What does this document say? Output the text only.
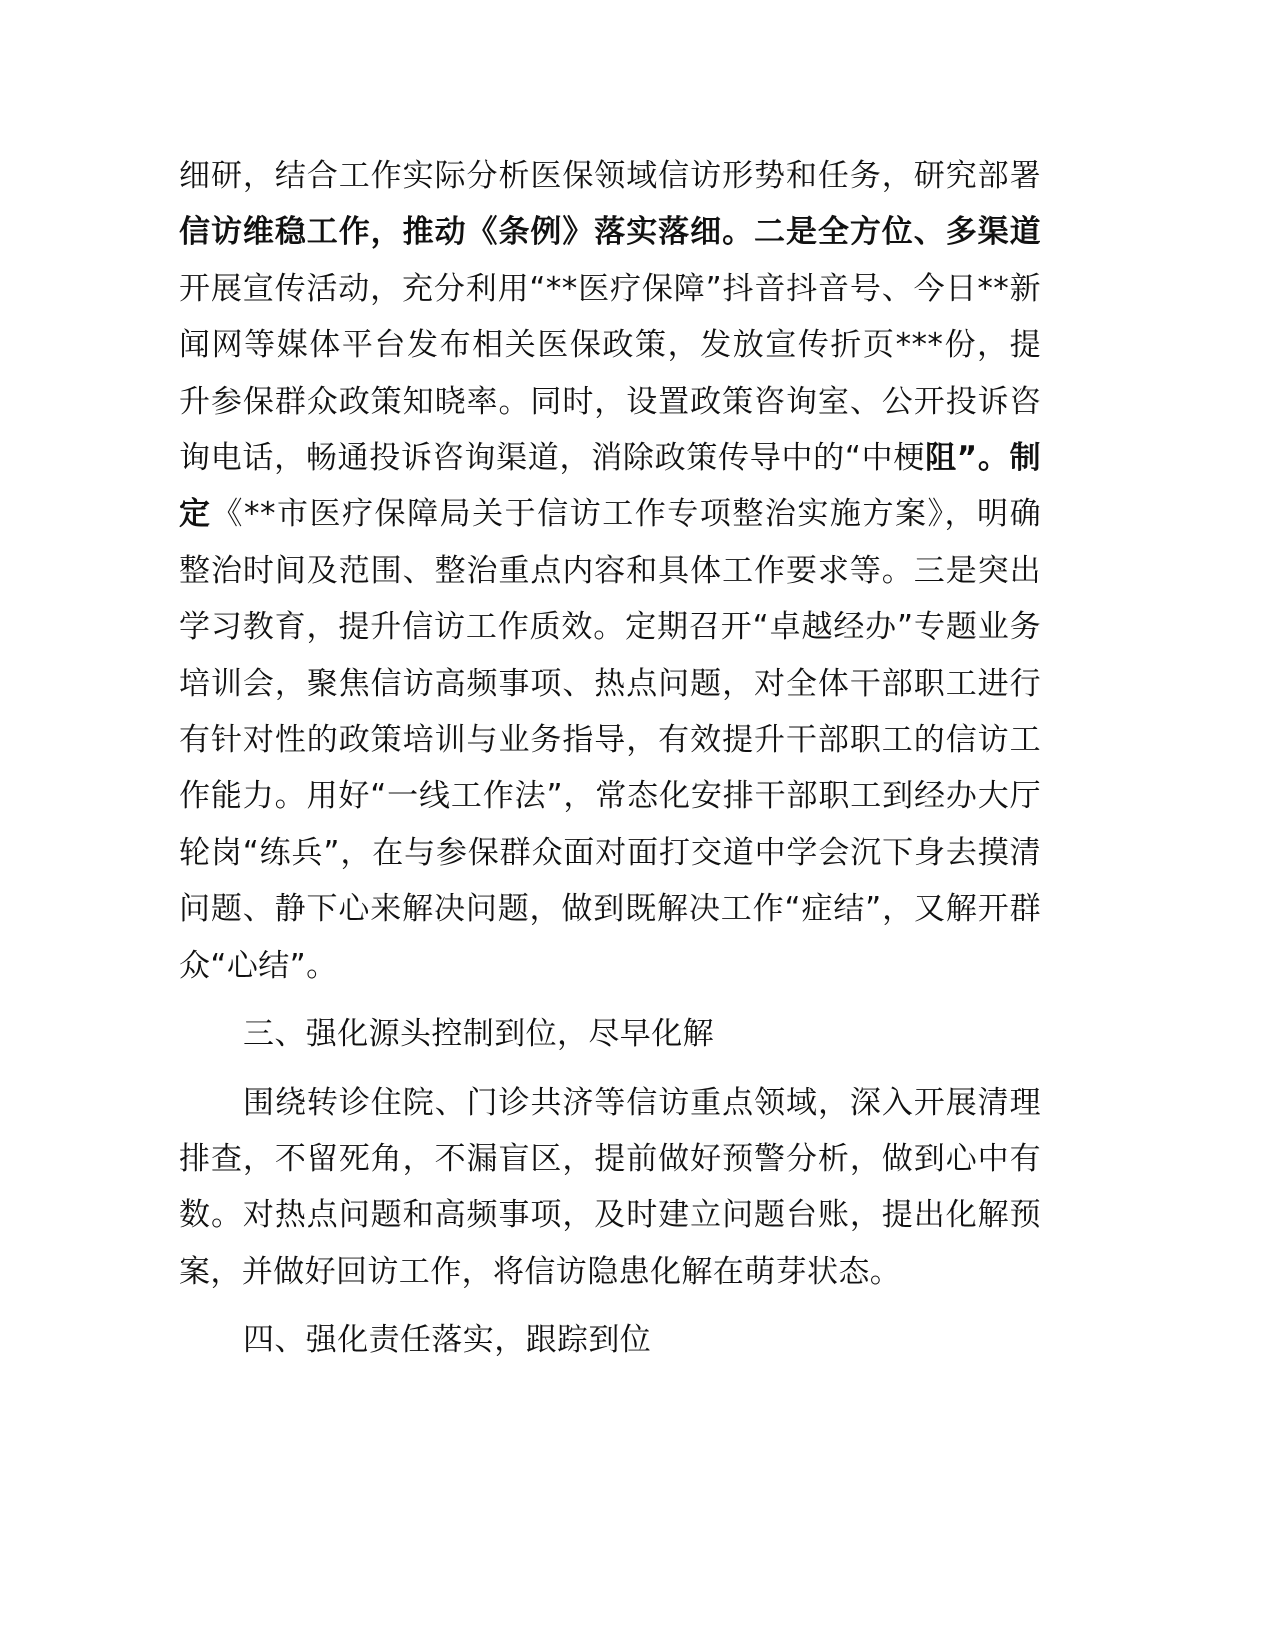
细研，结合工作实际分析医保领域信访形势和任务，研究部署信访维稳工作，推动《条例》落实落细。二是全方位、多渠道开展宣传活动，充分利用“**医疗保障”抖音抖音号、今日**新闻网等媒体平台发布相关医保政策，发放宣传折页***份，提升参保群众政策知晓率。同时，设置政策咨询室、公开投诉咨询电话，畅通投诉咨询渠道，消除政策传导中的“中梗阻”。制定《**市医疗保障局关于信访工作专项整治实施方案》，明确整治时间及范围、整治重点内容和具体工作要求等。三是突出学习教育，提升信访工作质效。定期召开“卓越经办”专题业务培训会，聚焦信访高频事项、热点问题，对全体干部职工进行有针对性的政策培训与业务指导，有效提升干部职工的信访工作能力。用好“一线工作法”，常态化安排干部职工到经办大厅轮岗“练兵”，在与参保群众面对面打交道中学会沉下身去摸清问题、静下心来解决问题，做到既解决工作“症结”，又解开群众“心结”。

三、强化源头控制到位，尽早化解

围绕转诊住院、门诊共济等信访重点领域，深入开展清理排查，不留死角，不漏盲区，提前做好预警分析，做到心中有数。对热点问题和高频事项，及时建立问题台账，提出化解预案，并做好回访工作，将信访隐患化解在萌芽状态。

四、强化责任落实，跟踪到位
